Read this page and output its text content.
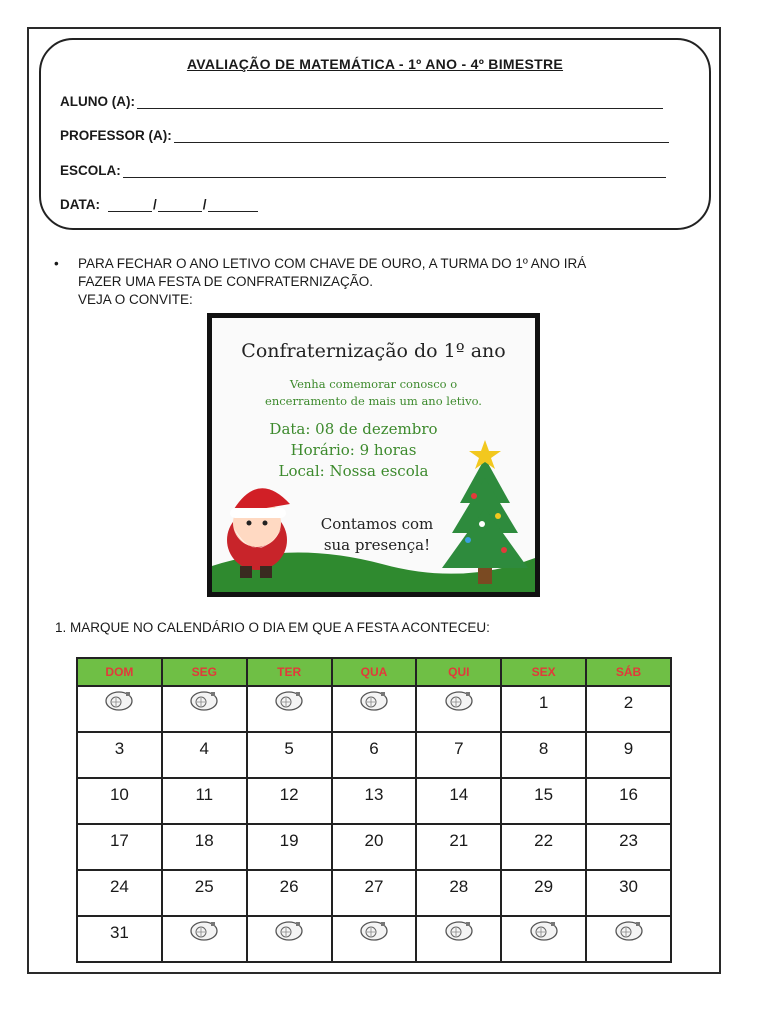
AVALIAÇÃO DE MATEMÁTICA - 1º ANO - 4º BIMESTRE
ALUNO (A):
PROFESSOR (A):
ESCOLA:
DATA:	/	/
• PARA FECHAR O ANO LETIVO COM CHAVE DE OURO, A TURMA DO 1º ANO IRÁ
FAZER UMA FESTA DE CONFRATERNIZAÇÃO.
VEJA O CONVITE:
Confraternização do 1º ano
Venha comemorar conosco o
encerramento de mais um ano letivo.
Data: 08 de dezembro
Horário: 9 horas
Local: Nossa escola
Contamos com
sua presença!
1. MARQUE NO CALENDÁRIO O DIA EM QUE A FESTA ACONTECEU:
DOM	SEG	TER	QUA	QUI	SEX	SÁB
					1	2
3	4	5	6	7	8	9
10	11	12	13	14	15	16
17	18	19	20	21	22	23
24	25	26	27	28	29	30
31						
